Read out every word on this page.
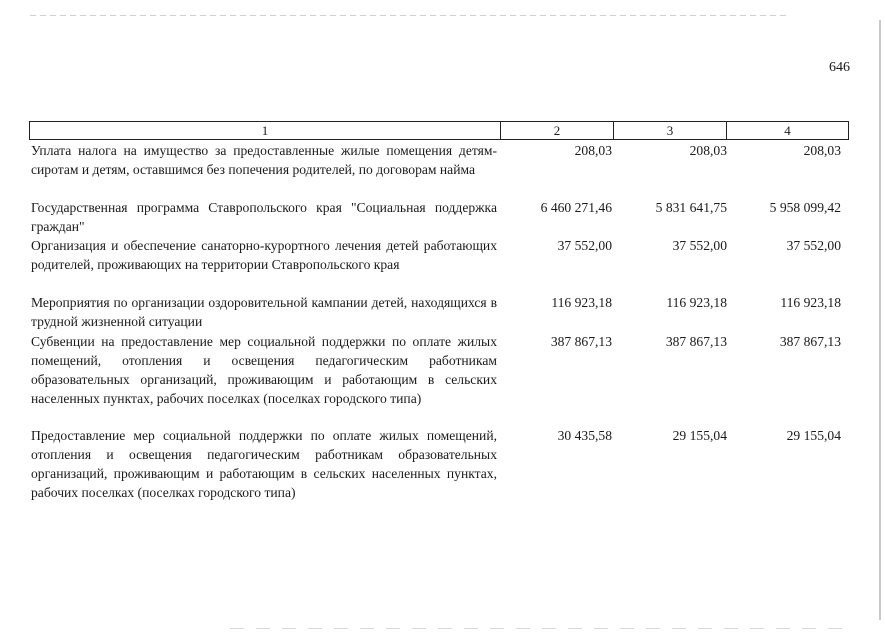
646
1	2	3	4
Уплата налога на имущество за предоставленные жилые помещения детям-сиротам и детям, оставшимся без попечения родителей, по договорам найма
208,03	208,03	208,03
Государственная программа Ставропольского края "Социальная поддержка граждан"
6 460 271,46	5 831 641,75	5 958 099,42
Организация и обеспечение санаторно-курортного лечения детей работающих родителей, проживающих на территории Ставропольского края
37 552,00	37 552,00	37 552,00
Мероприятия по организации оздоровительной кампании детей, находящихся в трудной жизненной ситуации
116 923,18	116 923,18	116 923,18
Субвенции на предоставление мер социальной поддержки по оплате жилых помещений, отопления и освещения педагогическим работникам образовательных организаций, проживающим и работающим в сельских населенных пунктах, рабочих поселках (поселках городского типа)
387 867,13	387 867,13	387 867,13
Предоставление мер социальной поддержки по оплате жилых помещений, отопления и освещения педагогическим работникам образовательных организаций, проживающим и работающим в сельских населенных пунктах, рабочих поселках (поселках городского типа)
30 435,58	29 155,04	29 155,04
